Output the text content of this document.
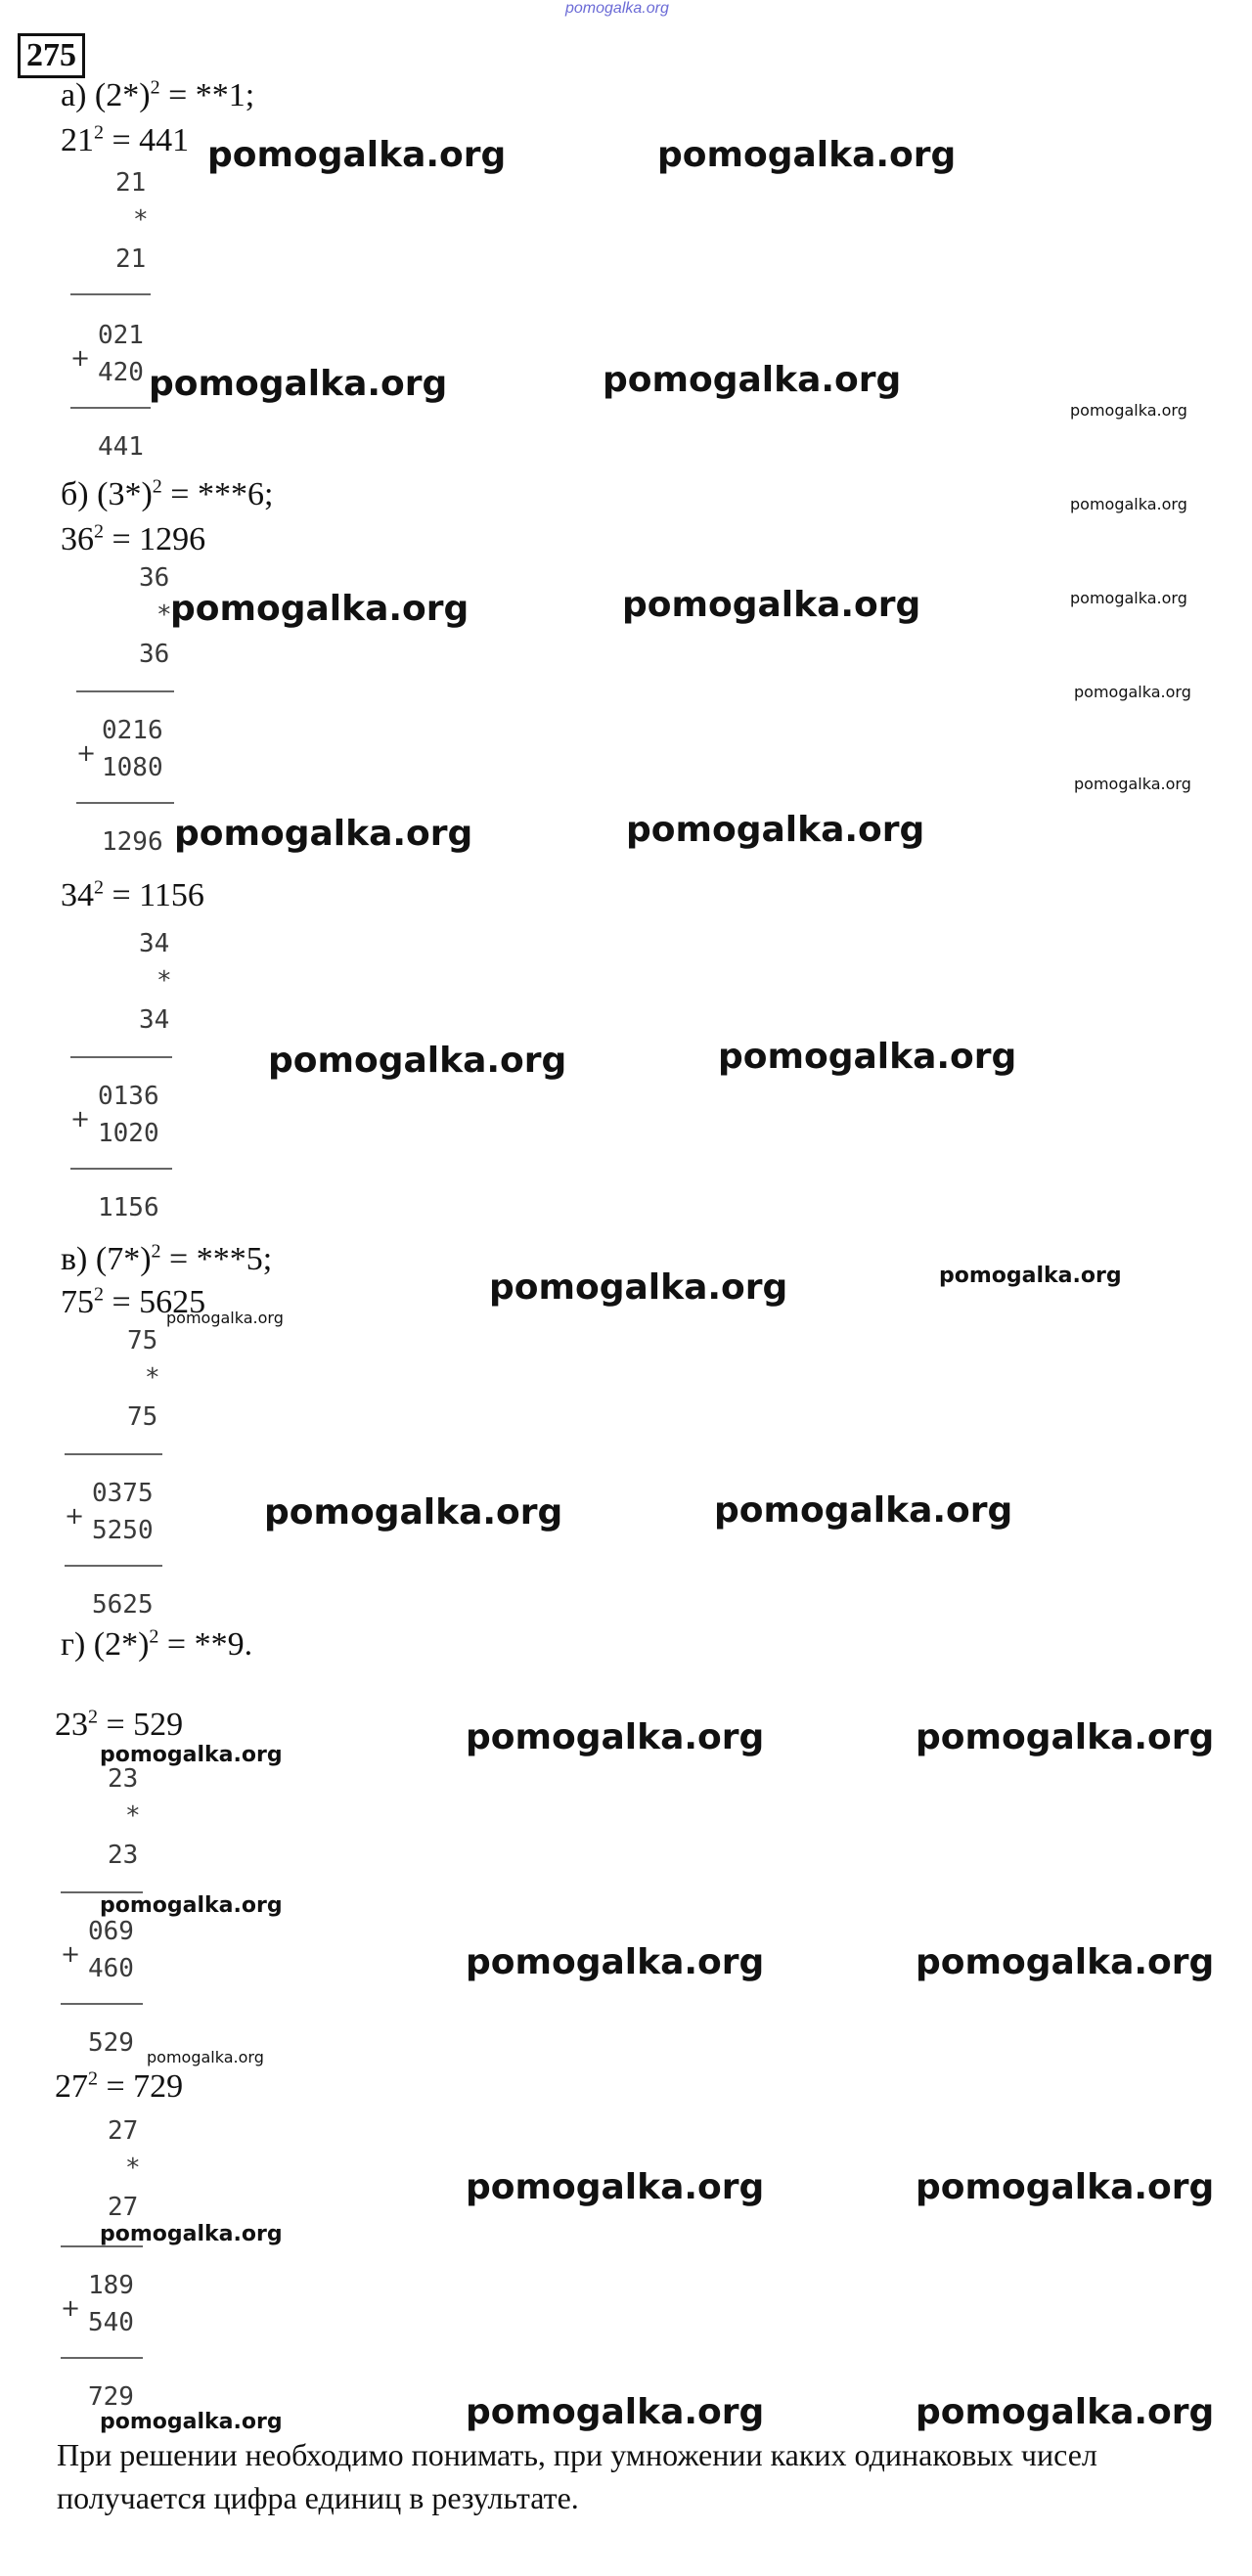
pomogalka.org
275
а) $(2*)^2 = **1$;
$21^2 = 441$
21
*
21
+
021
420
441
б) $(3*)^2 = ***6$;
$36^2 = 1296$
36
*
36
+
0216
1080
1296
$34^2 = 1156$
34
*
34
+
0136
1020
1156
в) $(7*)^2 = ***5$;
$75^2 = 5625$
75
*
75
+
0375
5250
5625
г) $(2*)^2 = **9$.
$23^2 = 529$
23
*
23
+
069
460
529
$27^2 = 729$
27
*
27
+
189
540
729
При решении необходимо понимать, при умножении каких одинаковых чисел получается цифра единиц в результате.
pomogalka.org	pomogalka.org
pomogalka.org	pomogalka.org
pomogalka.org	pomogalka.org
pomogalka.org	pomogalka.org
pomogalka.org	pomogalka.org
pomogalka.org
pomogalka.org	pomogalka.org
pomogalka.org	pomogalka.org
pomogalka.org	pomogalka.org
pomogalka.org	pomogalka.org
pomogalka.org	pomogalka.org
pomogalka.org
pomogalka.org
pomogalka.org
pomogalka.org
pomogalka.org
pomogalka.org
pomogalka.org
pomogalka.org
pomogalka.org
pomogalka.org
pomogalka.org
pomogalka.org
